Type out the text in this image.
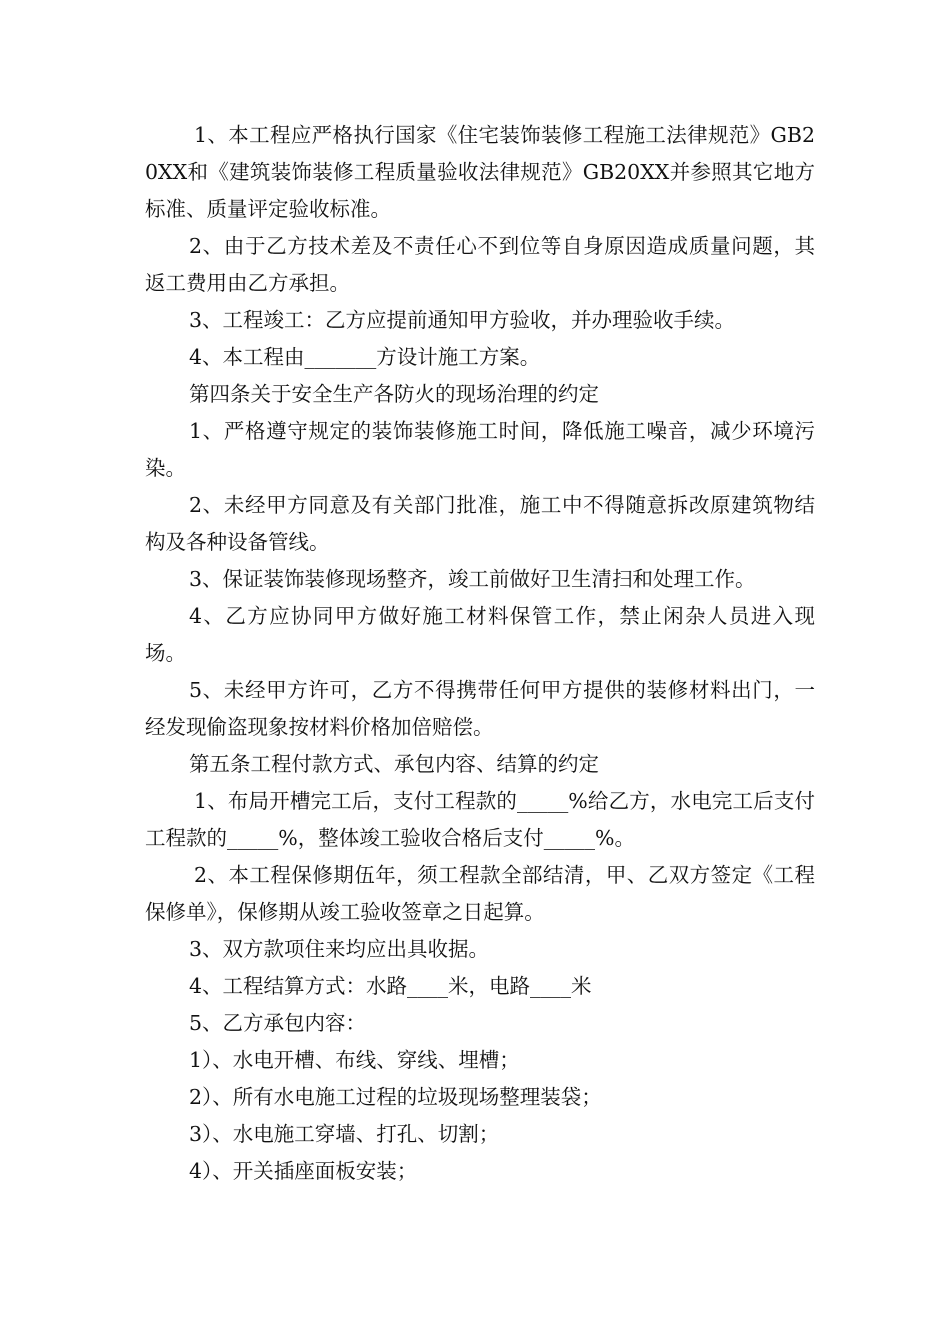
1、本工程应严格执行国家《住宅装饰装修工程施工法律规范》GB20XX和《建筑装饰装修工程质量验收法律规范》GB20XX并参照其它地方标准、质量评定验收标准。

2、由于乙方技术差及不责任心不到位等自身原因造成质量问题，其返工费用由乙方承担。

3、工程竣工：乙方应提前通知甲方验收，并办理验收手续。

4、本工程由_______方设计施工方案。

第四条关于安全生产各防火的现场治理的约定

1、严格遵守规定的装饰装修施工时间，降低施工噪音，减少环境污染。

2、未经甲方同意及有关部门批准，施工中不得随意拆改原建筑物结构及各种设备管线。

3、保证装饰装修现场整齐，竣工前做好卫生清扫和处理工作。

4、乙方应协同甲方做好施工材料保管工作，禁止闲杂人员进入现场。

5、未经甲方许可，乙方不得携带任何甲方提供的装修材料出门，一经发现偷盗现象按材料价格加倍赔偿。

第五条工程付款方式、承包内容、结算的约定

1、布局开槽完工后，支付工程款的_____%给乙方，水电完工后支付工程款的_____%，整体竣工验收合格后支付_____%。

2、本工程保修期伍年，须工程款全部结清，甲、乙双方签定《工程保修单》，保修期从竣工验收签章之日起算。

3、双方款项住来均应出具收据。

4、工程结算方式：水路____米，电路____米

5、乙方承包内容：

1）、水电开槽、布线、穿线、埋槽；

2）、所有水电施工过程的垃圾现场整理装袋；

3）、水电施工穿墙、打孔、切割；

4）、开关插座面板安装；
